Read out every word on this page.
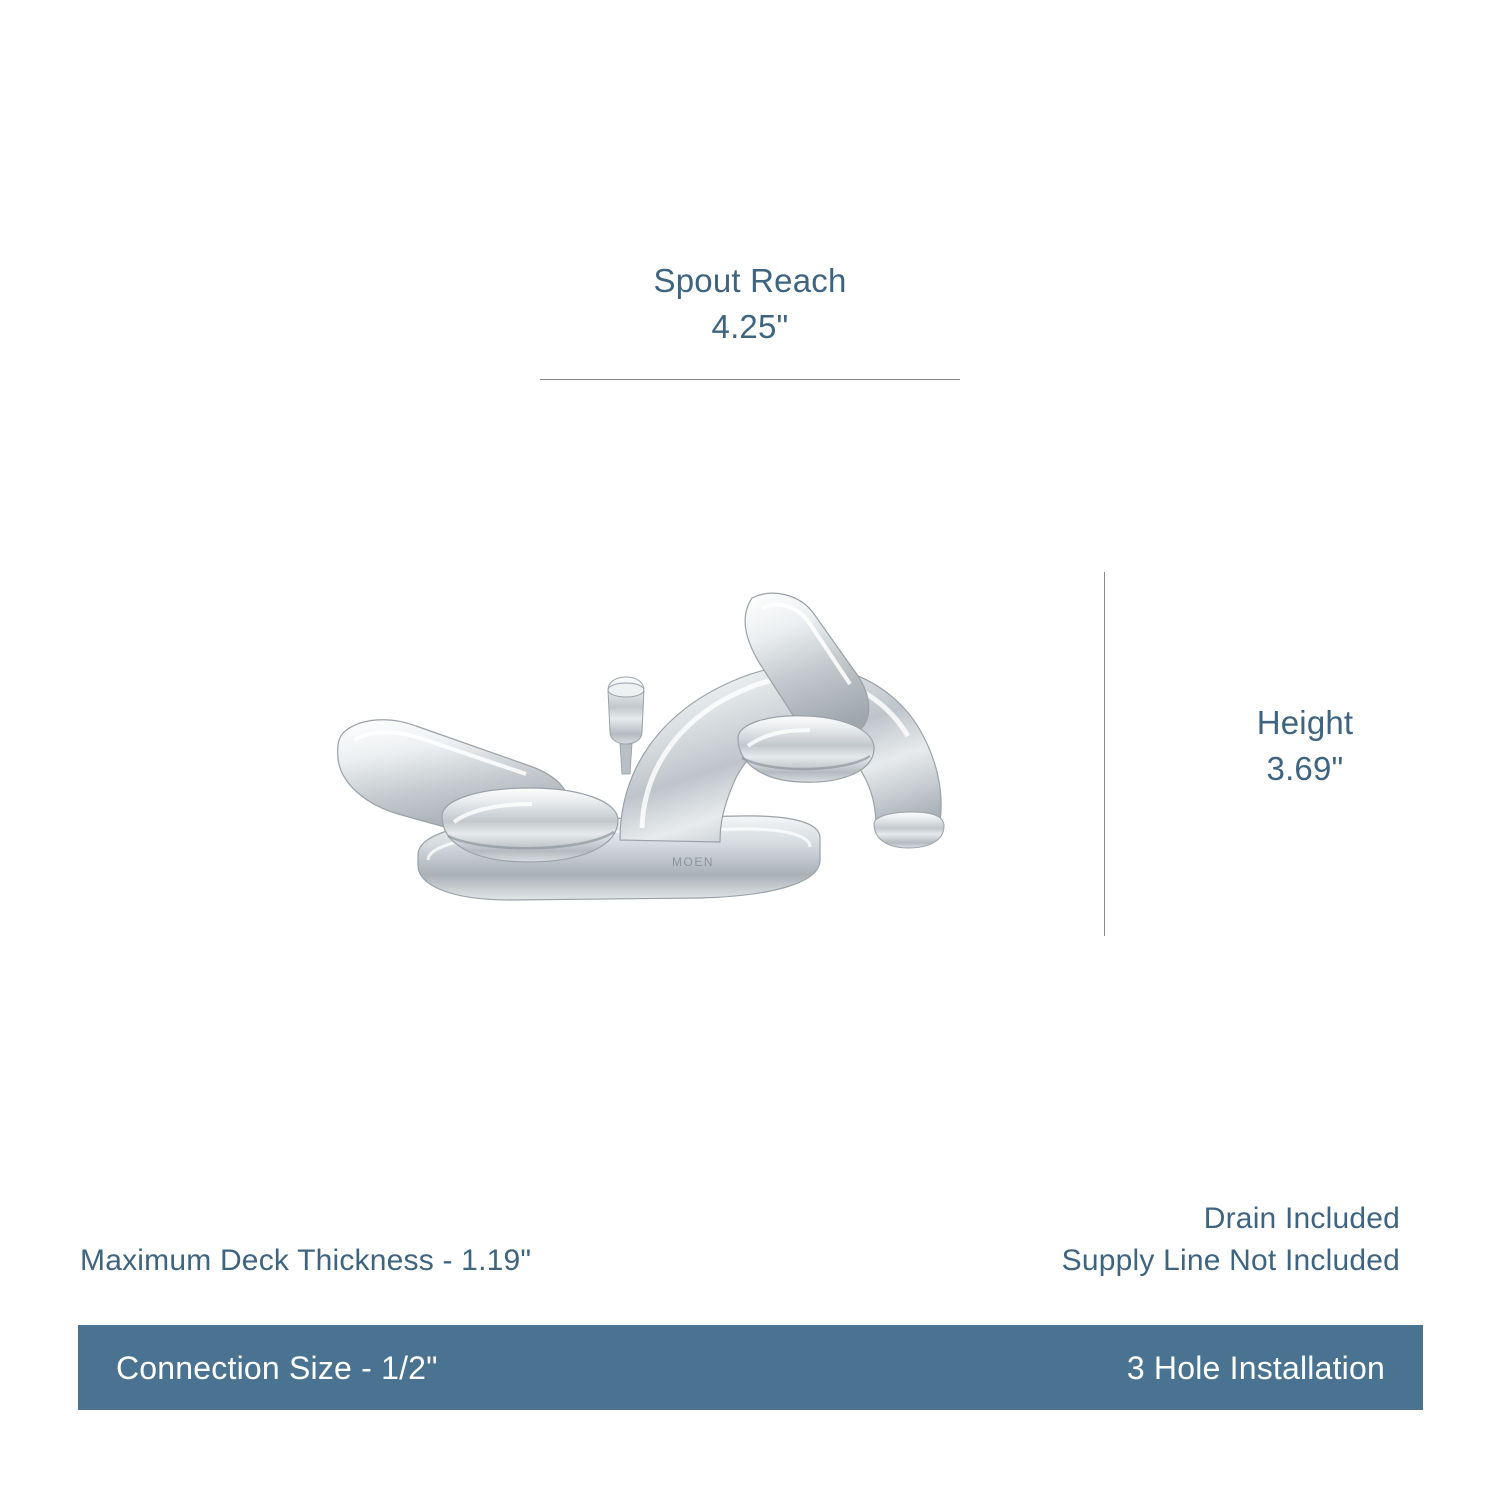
Spout Reach
4.25"
Height
3.69"
MOEN
Maximum Deck Thickness - 1.19"
Drain Included
Supply Line Not Included
Connection Size - 1/2"	3 Hole Installation
